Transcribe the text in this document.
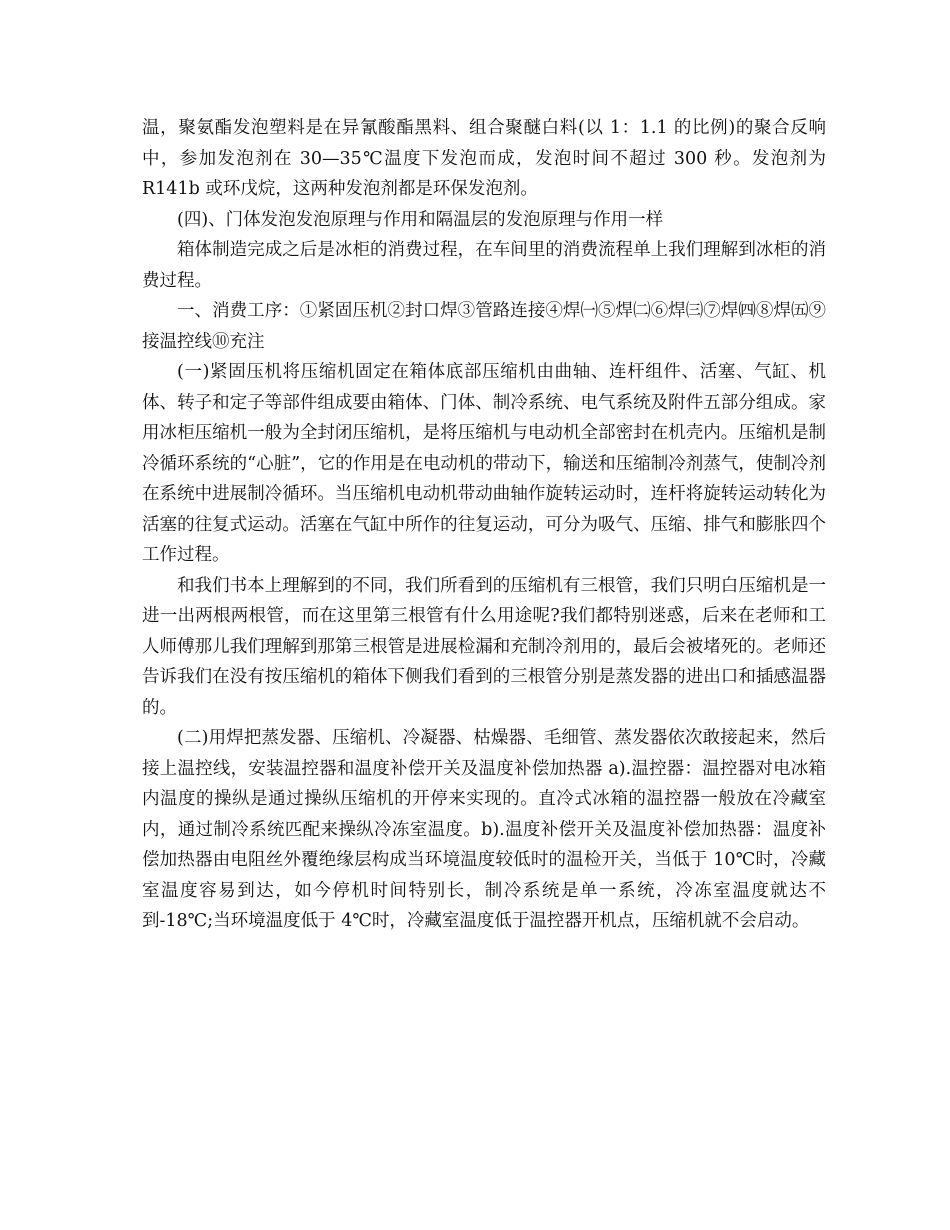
温，聚氨酯发泡塑料是在异氰酸酯黑料、组合聚醚白料(以 1：1.1 的比例)的聚合反响中，参加发泡剂在 30—35℃温度下发泡而成，发泡时间不超过 300 秒。发泡剂为 R141b 或环戊烷，这两种发泡剂都是环保发泡剂。

(四)、门体发泡发泡原理与作用和隔温层的发泡原理与作用一样

箱体制造完成之后是冰柜的消费过程，在车间里的消费流程单上我们理解到冰柜的消费过程。

一、消费工序：①紧固压机②封口焊③管路连接④焊㈠⑤焊㈡⑥焊㈢⑦焊㈣⑧焊㈤⑨接温控线⑩充注

(一)紧固压机将压缩机固定在箱体底部压缩机由曲轴、连杆组件、活塞、气缸、机体、转子和定子等部件组成要由箱体、门体、制冷系统、电气系统及附件五部分组成。家用冰柜压缩机一般为全封闭压缩机，是将压缩机与电动机全部密封在机壳内。压缩机是制冷循环系统的“心脏”，它的作用是在电动机的带动下，输送和压缩制冷剂蒸气，使制冷剂在系统中进展制冷循环。当压缩机电动机带动曲轴作旋转运动时，连杆将旋转运动转化为活塞的往复式运动。活塞在气缸中所作的往复运动，可分为吸气、压缩、排气和膨胀四个工作过程。

和我们书本上理解到的不同，我们所看到的压缩机有三根管，我们只明白压缩机是一进一出两根两根管，而在这里第三根管有什么用途呢?我们都特别迷惑，后来在老师和工人师傅那儿我们理解到那第三根管是进展检漏和充制冷剂用的，最后会被堵死的。老师还告诉我们在没有按压缩机的箱体下侧我们看到的三根管分别是蒸发器的进出口和插感温器的。

(二)用焊把蒸发器、压缩机、冷凝器、枯燥器、毛细管、蒸发器依次敢接起来，然后接上温控线，安装温控器和温度补偿开关及温度补偿加热器 a).温控器：温控器对电冰箱内温度的操纵是通过操纵压缩机的开停来实现的。直冷式冰箱的温控器一般放在冷藏室内，通过制冷系统匹配来操纵冷冻室温度。b).温度补偿开关及温度补偿加热器：温度补偿加热器由电阻丝外覆绝缘层构成当环境温度较低时的温检开关，当低于 10℃时，冷藏室温度容易到达，如今停机时间特别长，制冷系统是单一系统，冷冻室温度就达不到-18℃;当环境温度低于 4℃时，冷藏室温度低于温控器开机点，压缩机就不会启动。
